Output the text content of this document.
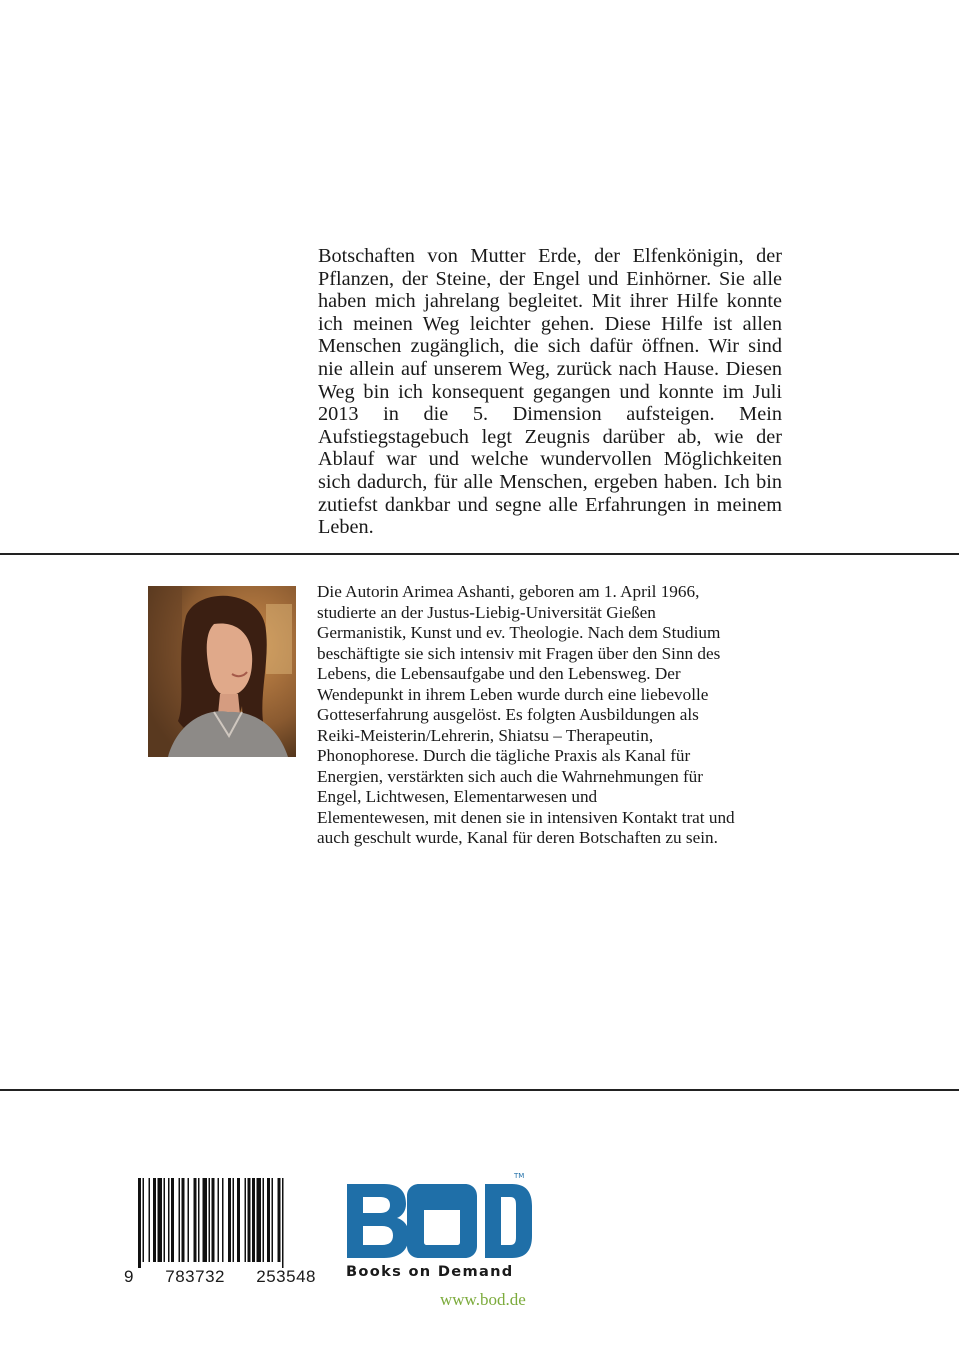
Botschaften von Mutter Erde, der Elfenkönigin, der Pflanzen, der Steine, der Engel und Einhörner. Sie alle haben mich jahrelang begleitet. Mit ihrer Hilfe konnte ich meinen Weg leichter gehen. Diese Hilfe ist allen Menschen zugänglich, die sich dafür öffnen. Wir sind nie allein auf unserem Weg, zurück nach Hause. Diesen Weg bin ich konsequent gegangen und konnte im Juli 2013 in die 5. Dimension aufsteigen. Mein Aufstiegstagebuch legt Zeugnis darüber ab, wie der Ablauf war und welche wundervollen Möglichkeiten sich dadurch, für alle Menschen, ergeben haben. Ich bin zutiefst dankbar und segne alle Erfahrungen in meinem Leben.

Die Autorin Arimea Ashanti, geboren am 1. April 1966,
studierte an der Justus-Liebig-Universität Gießen
Germanistik, Kunst und ev. Theologie. Nach dem Studium
beschäftigte sie sich intensiv mit Fragen über den Sinn des
Lebens, die Lebensaufgabe und den Lebensweg. Der
Wendepunkt in ihrem Leben wurde durch eine liebevolle
Gotteserfahrung ausgelöst. Es folgten Ausbildungen als
Reiki-Meisterin/Lehrerin, Shiatsu – Therapeutin,
Phonophorese. Durch die tägliche Praxis als Kanal für
Energien, verstärkten sich auch die Wahrnehmungen für
Engel, Lichtwesen, Elementarwesen und
Elementewesen, mit denen sie in intensiven Kontakt trat und
auch geschult wurde, Kanal für deren Botschaften zu sein.
9 783732 253548
TM
Books on Demand
www.bod.de
